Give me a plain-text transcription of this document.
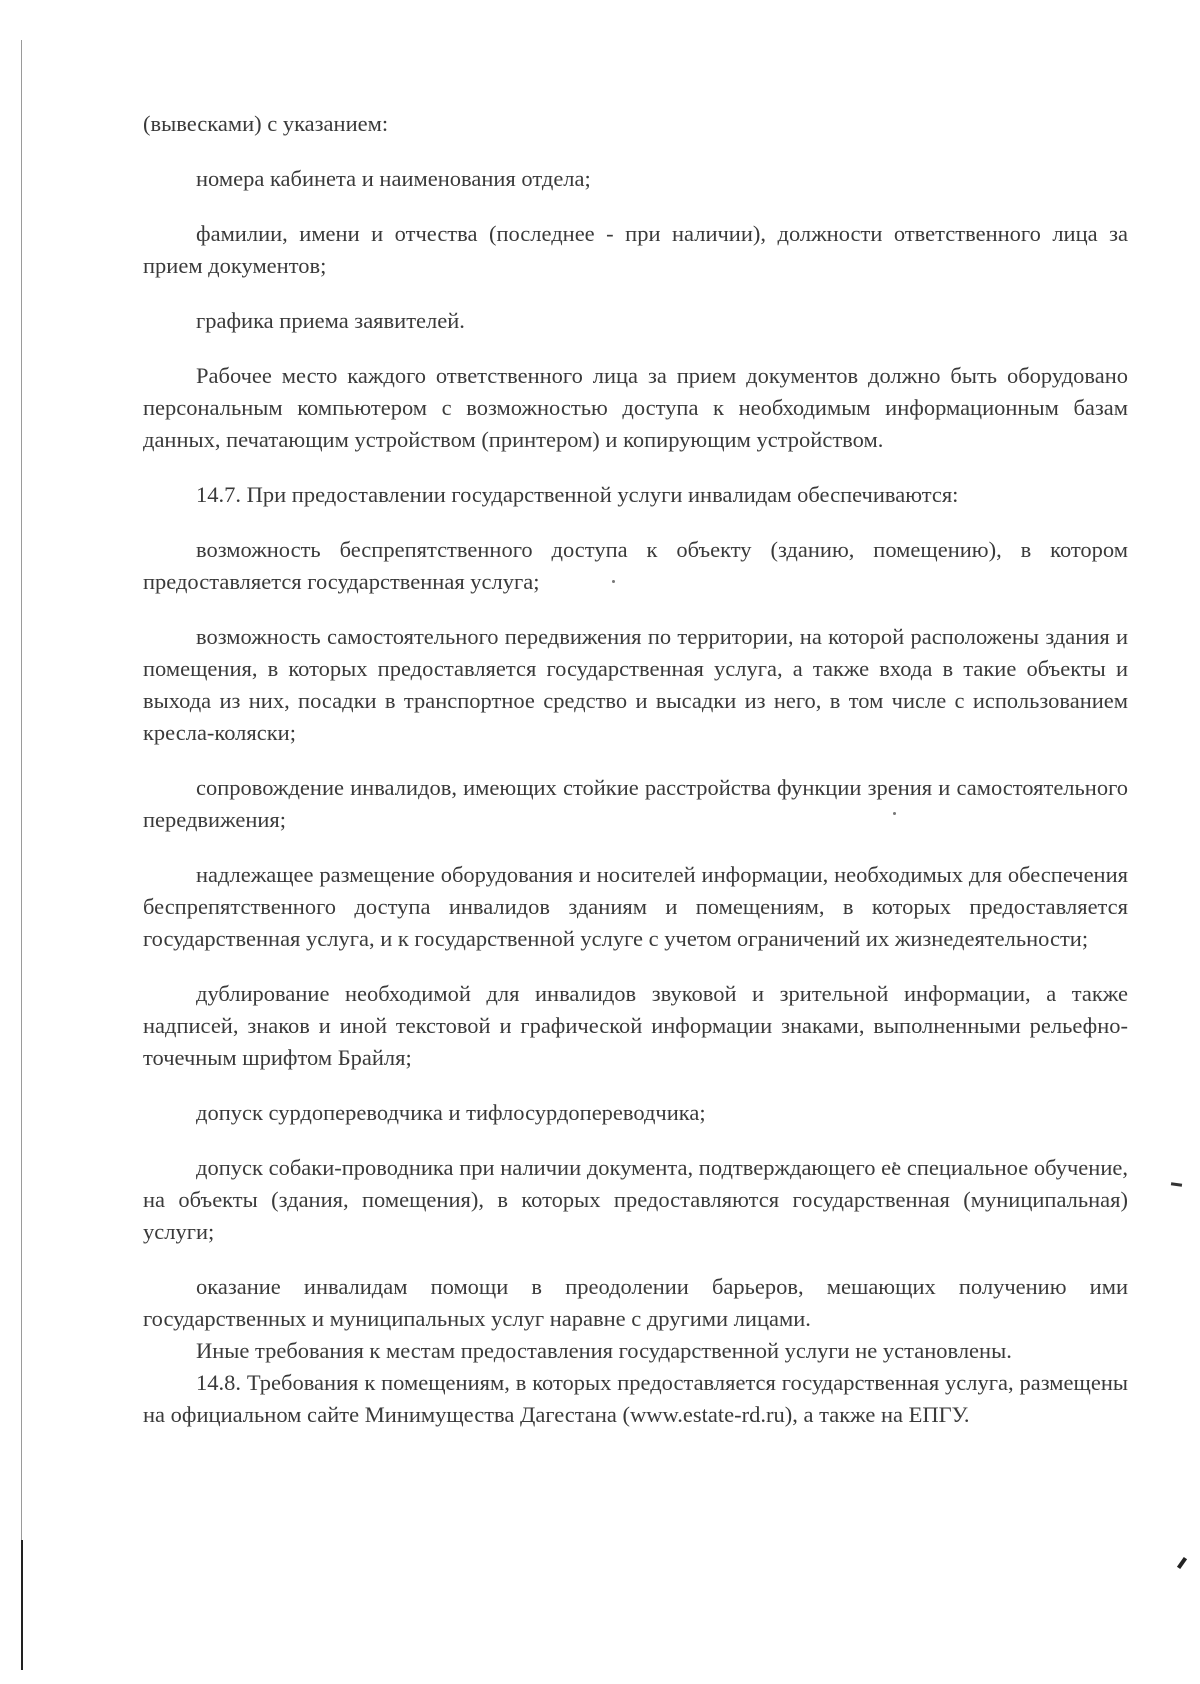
(вывесками) с указанием:

номера кабинета и наименования отдела;

фамилии, имени и отчества (последнее - при наличии), должности ответственного лица за прием документов;

графика приема заявителей.

Рабочее место каждого ответственного лица за прием документов должно быть оборудовано персональным компьютером с возможностью доступа к необходимым информационным базам данных, печатающим устройством (принтером) и копирующим устройством.

14.7. При предоставлении государственной услуги инвалидам обеспечиваются:

возможность беспрепятственного доступа к объекту (зданию, помещению), в котором предоставляется государственная услуга;

возможность самостоятельного передвижения по территории, на которой расположены здания и помещения, в которых предоставляется государственная услуга, а также входа в такие объекты и выхода из них, посадки в транспортное средство и высадки из него, в том числе с использованием кресла-коляски;

сопровождение инвалидов, имеющих стойкие расстройства функции зрения и самостоятельного передвижения;

надлежащее размещение оборудования и носителей информации, необходимых для обеспечения беспрепятственного доступа инвалидов зданиям и помещениям, в которых предоставляется государственная услуга, и к государственной услуге с учетом ограничений их жизнедеятельности;

дублирование необходимой для инвалидов звуковой и зрительной информации, а также надписей, знаков и иной текстовой и графической информации знаками, выполненными рельефно-точечным шрифтом Брайля;

допуск сурдопереводчика и тифлосурдопереводчика;

допуск собаки-проводника при наличии документа, подтверждающего ее специальное обучение, на объекты (здания, помещения), в которых предоставляются государственная (муниципальная) услуги;

оказание инвалидам помощи в преодолении барьеров, мешающих получению ими государственных и муниципальных услуг наравне с другими лицами.

Иные требования к местам предоставления государственной услуги не установлены.

14.8. Требования к помещениям, в которых предоставляется государственная услуга, размещены на официальном сайте Минимущества Дагестана (www.estate-rd.ru), а также на ЕПГУ.
